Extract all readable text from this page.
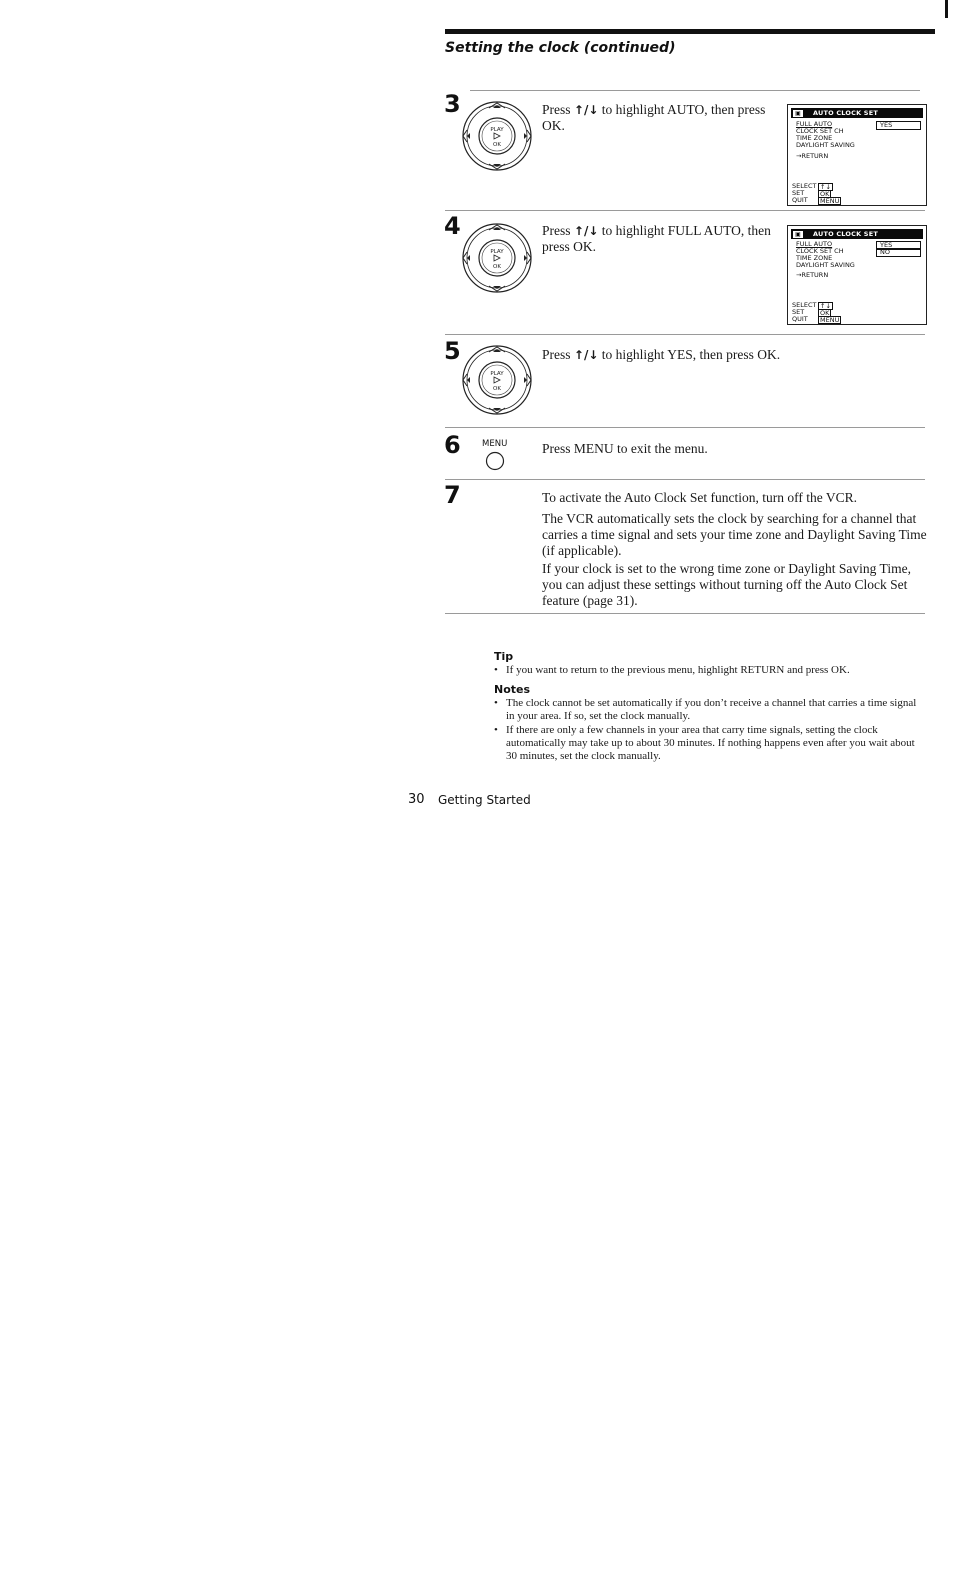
Setting the clock (continued)
3
PLAY
OK
Press ↑/↓ to highlight AUTO, then press OK.
▣	AUTO CLOCK SET
FULL AUTO	YES
CLOCK SET CH
TIME ZONE
DAYLIGHT SAVING
→RETURN
SELECT ↑↓
SET	OK
QUIT	MENU
4
PLAY
OK
Press ↑/↓ to highlight FULL AUTO, then press OK.
▣	AUTO CLOCK SET
FULL AUTO	YES
CLOCK SET CH	NO
TIME ZONE
DAYLIGHT SAVING
→RETURN
SELECT ↑↓
SET	OK
QUIT	MENU
5
PLAY
OK
Press ↑/↓ to highlight YES, then press OK.
6	MENU	Press MENU to exit the menu.
7	To activate the Auto Clock Set function, turn off the VCR.
The VCR automatically sets the clock by searching for a channel that carries a time signal and sets your time zone and Daylight Saving Time (if applicable).
If your clock is set to the wrong time zone or Daylight Saving Time, you can adjust these settings without turning off the Auto Clock Set feature (page 31).
Tip
• If you want to return to the previous menu, highlight RETURN and press OK.
Notes
• The clock cannot be set automatically if you don’t receive a channel that carries a time signal in your area. If so, set the clock manually.
• If there are only a few channels in your area that carry time signals, setting the clock automatically may take up to about 30 minutes. If nothing happens even after you wait about 30 minutes, set the clock manually.
30 Getting Started
